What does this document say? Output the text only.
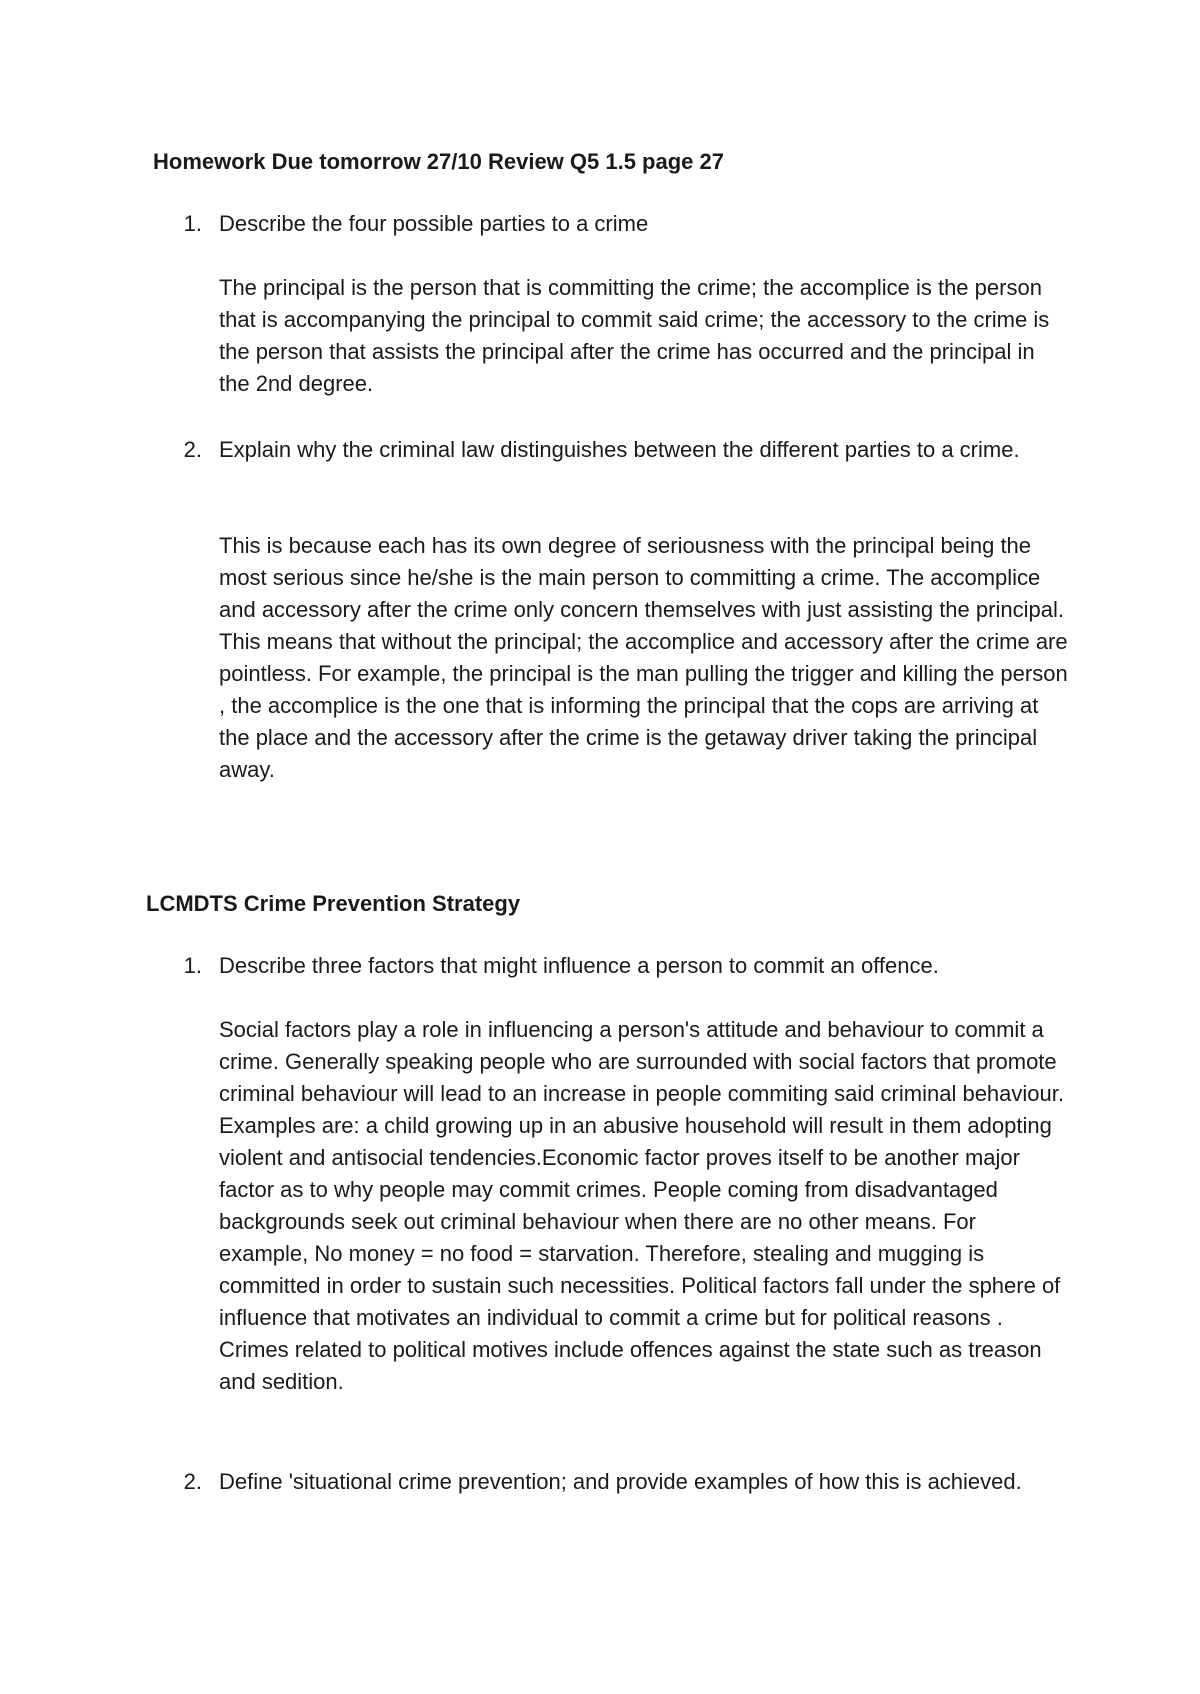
Homework Due tomorrow 27/10 Review Q5 1.5 page 27
1. Describe the four possible parties to a crime
The principal is the person that is committing the crime; the accomplice is the person that is accompanying the principal to commit said crime; the accessory to the crime is the person that assists the principal after the crime has occurred and the principal in the 2nd degree.
2. Explain why the criminal law distinguishes between the different parties to a crime.
This is because each has its own degree of seriousness with the principal being the most serious since he/she is the main person to committing a crime. The accomplice and accessory after the crime only concern themselves with just assisting the principal. This means that without the principal; the accomplice and accessory after the crime are pointless. For example, the principal is the man pulling the trigger and killing the person , the accomplice is the one that is informing the principal that the cops are arriving at the place and the accessory after the crime is the getaway driver taking the principal away.
LCMDTS Crime Prevention Strategy
1. Describe three factors that might influence a person to commit an offence.
Social factors play a role in influencing a person's attitude and behaviour to commit a crime. Generally speaking people who are surrounded with social factors that promote criminal behaviour will lead to an increase in people commiting said criminal behaviour. Examples are: a child growing up in an abusive household will result in them adopting violent and antisocial tendencies.Economic factor proves itself to be another major factor as to why people may commit crimes. People coming from disadvantaged backgrounds seek out criminal behaviour when there are no other means. For example, No money = no food = starvation. Therefore, stealing and mugging is committed in order to sustain such necessities. Political factors fall under the sphere of influence that motivates an individual to commit a crime but for political reasons . Crimes related to political motives include offences against the state such as treason and sedition.
2. Define 'situational crime prevention; and provide examples of how this is achieved.
